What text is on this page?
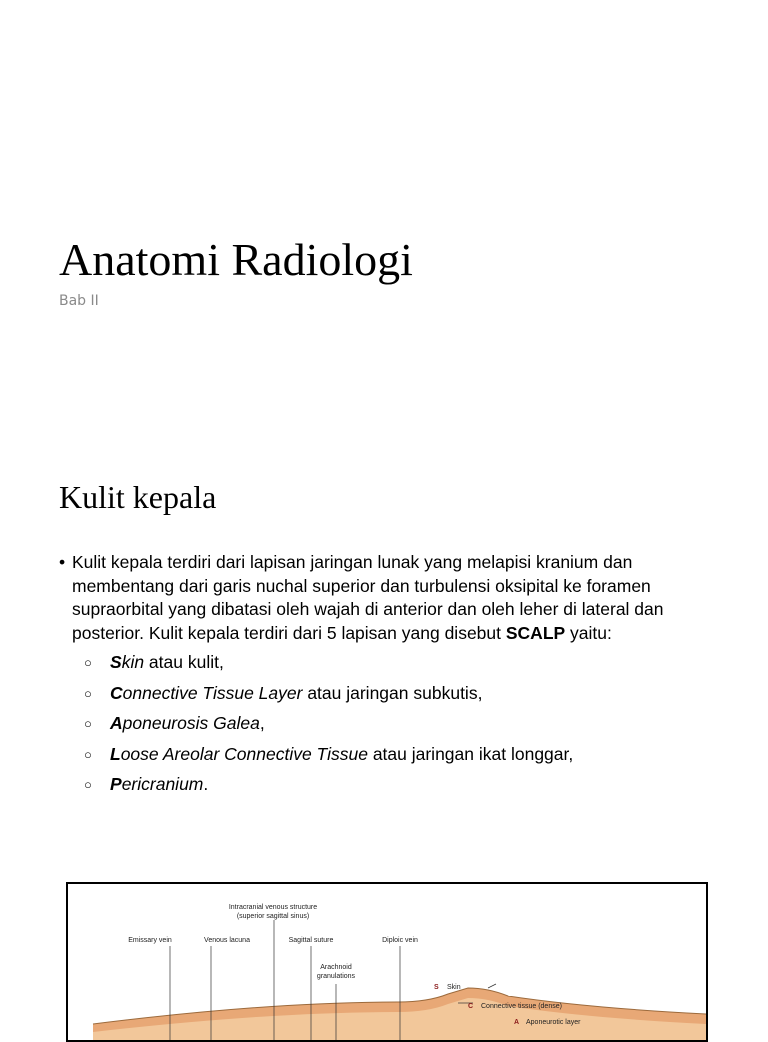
Anatomi Radiologi
Bab II
Kulit kepala
• Kulit kepala terdiri dari lapisan jaringan lunak yang melapisi kranium dan membentang dari garis nuchal superior dan turbulensi oksipital ke foramen supraorbital yang dibatasi oleh wajah di anterior dan oleh leher di lateral dan posterior. Kulit kepala terdiri dari 5 lapisan yang disebut SCALP yaitu:
○	Skin atau kulit,
○	Connective Tissue Layer atau jaringan subkutis,
○	Aponeurosis Galea,
○	Loose Areolar Connective Tissue atau jaringan ikat longgar,
○	Pericranium.
Intracranial venous structure
(superior sagittal sinus)
Emissary vein	Venous lacuna	Sagittal suture	Diploic vein
Arachnoid
granulations
S Skin
C Connective tissue (dense)
A Aponeurotic layer
